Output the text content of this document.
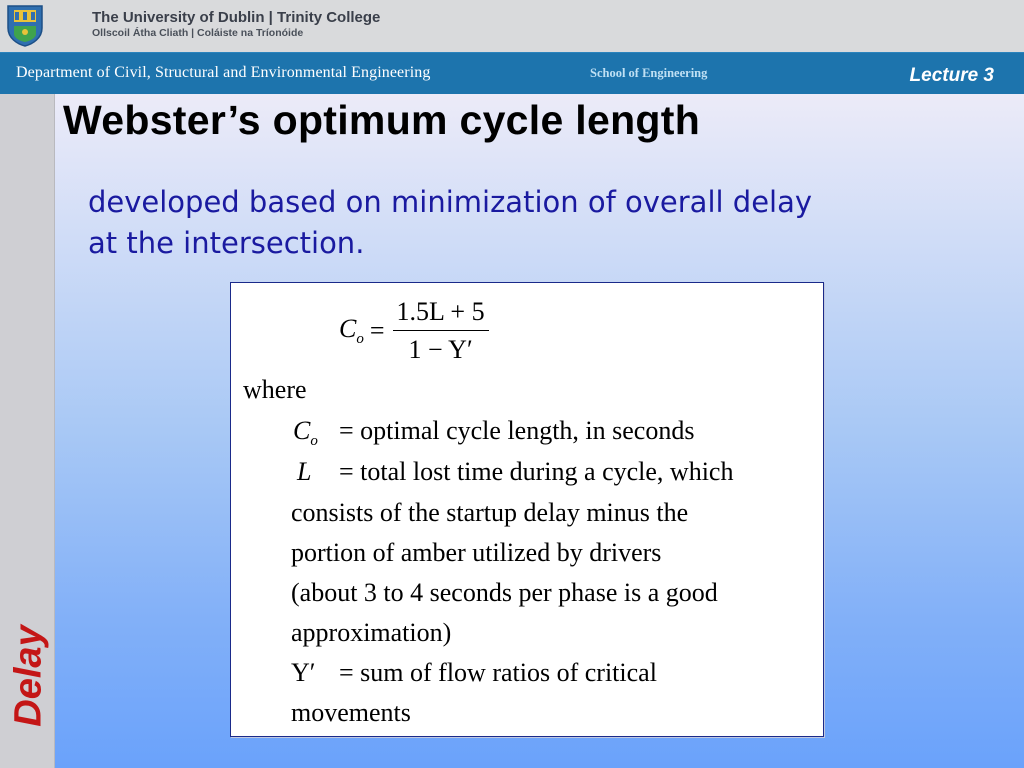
The University of Dublin | Trinity College
Ollscoil Átha Cliath | Coláiste na Tríonóide
Department of Civil, Structural and Environmental Engineering	School of Engineering	Lecture 3
Delay
Webster’s optimum cycle length
developed based on minimization of overall delay
at the intersection.
$C_o = \frac{1.5L + 5}{1 - Y'}$
where
$C_o$ = optimal cycle length, in seconds
L = total lost time during a cycle, which
consists of the startup delay minus the
portion of amber utilized by drivers
(about 3 to 4 seconds per phase is a good
approximation)
Y′ = sum of flow ratios of critical
movements
